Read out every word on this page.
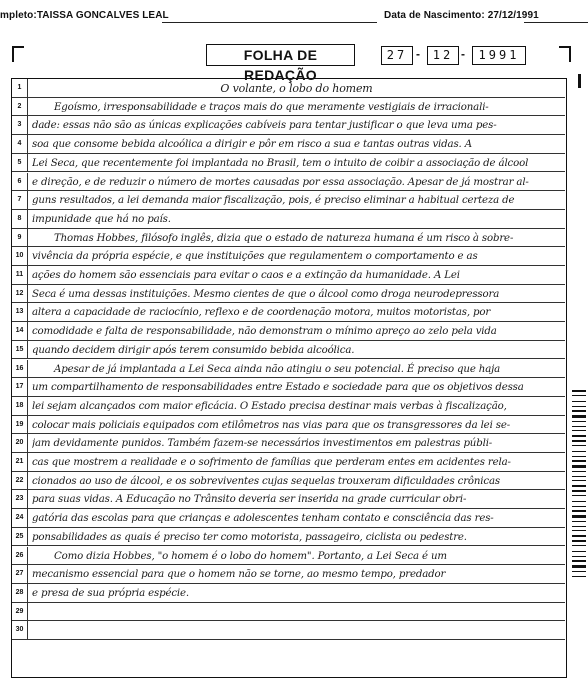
mpleto:TAISSA GONCALVES LEAL	Data de Nascimento: 27/12/1991
FOLHA DE REDAÇÃO
27 -	12 -	1991
1	O volante, o lobo do homem
2	Egoísmo, irresponsabilidade e traços mais do que meramente vestigiais de irracionali-
3	dade: essas não são as únicas explicações cabíveis para tentar justificar o que leva uma pes-
4	soa que consome bebida alcoólica a dirigir e pôr em risco a sua e tantas outras vidas. A
5	Lei Seca, que recentemente foi implantada no Brasil, tem o intuito de coibir a associação de álcool
6	e direção, e de reduzir o número de mortes causadas por essa associação. Apesar de já mostrar al-
7	guns resultados, a lei demanda maior fiscalização, pois, é preciso eliminar a habitual certeza de
8	impunidade que há no país.
9	Thomas Hobbes, filósofo inglês, dizia que o estado de natureza humana é um risco à sobre-
10 vivência da própria espécie, e que instituições que regulamentem o comportamento e as
11 ações do homem são essenciais para evitar o caos e a extinção da humanidade. A Lei
12 Seca é uma dessas instituições. Mesmo cientes de que o álcool como droga neurodepressora
13 altera a capacidade de raciocínio, reflexo e de coordenação motora, muitos motoristas, por
14 comodidade e falta de responsabilidade, não demonstram o mínimo apreço ao zelo pela vida
15 quando decidem dirigir após terem consumido bebida alcoólica.
16	Apesar de já implantada a Lei Seca ainda não atingiu o seu potencial. É preciso que haja
17 um compartilhamento de responsabilidades entre Estado e sociedade para que os objetivos dessa
18 lei sejam alcançados com maior eficácia. O Estado precisa destinar mais verbas à fiscalização,
19 colocar mais policiais equipados com etilômetros nas vias para que os transgressores da lei se-
20 jam devidamente punidos. Também fazem-se necessários investimentos em palestras públi-
21 cas que mostrem a realidade e o sofrimento de famílias que perderam entes em acidentes rela-
22 cionados ao uso de álcool, e os sobreviventes cujas sequelas trouxeram dificuldades crônicas
23 para suas vidas. A Educação no Trânsito deveria ser inserida na grade curricular obri-
24 gatória das escolas para que crianças e adolescentes tenham contato e consciência das res-
25 ponsabilidades as quais é preciso ter como motorista, passageiro, ciclista ou pedestre.
26	Como dizia Hobbes, "o homem é o lobo do homem". Portanto, a Lei Seca é um
27 mecanismo essencial para que o homem não se torne, ao mesmo tempo, predador
28 e presa de sua própria espécie.
29
30
